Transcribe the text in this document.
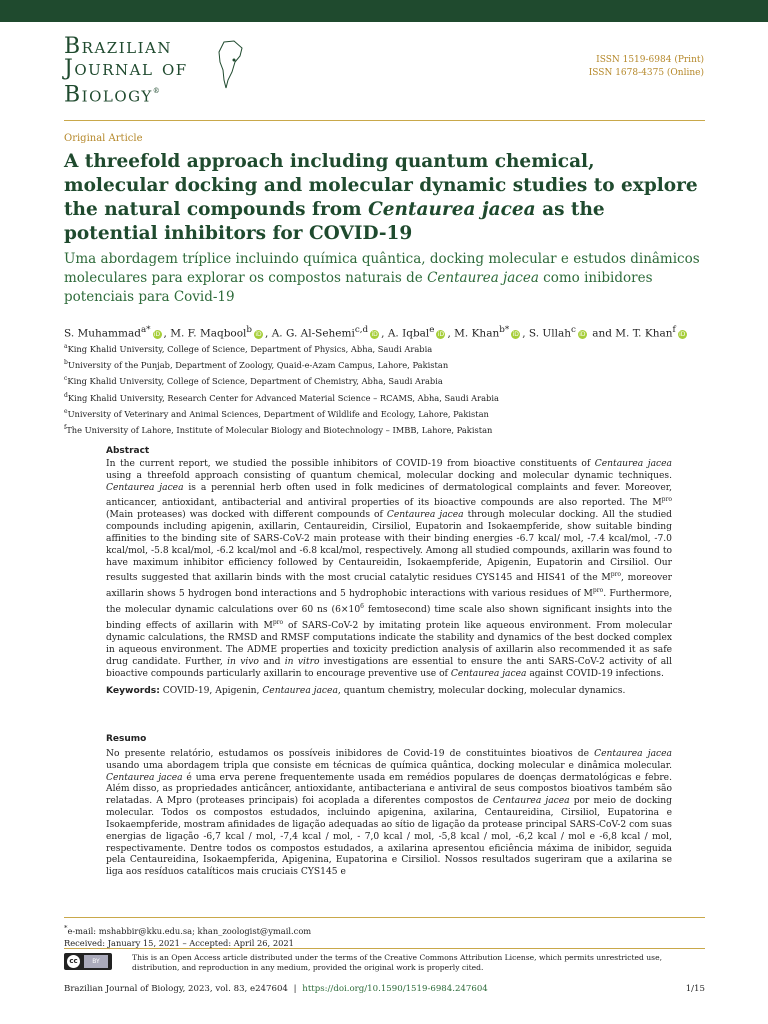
Brazilian
Journal of
Biology®
ISSN 1519-6984 (Print)
ISSN 1678-4375 (Online)
Original Article
A threefold approach including quantum chemical, molecular docking and molecular dynamic studies to explore the natural compounds from Centaurea jacea as the potential inhibitors for COVID-19
Uma abordagem tríplice incluindo química quântica, docking molecular e estudos dinâmicos moleculares para explorar os compostos naturais de Centaurea jacea como inibidores potenciais para Covid-19
S. Muhammad$^{a*}$ iD , M. F. Maqbool$^b$ iD , A. G. Al-Sehemi$^{c,d}$ iD , A. Iqbal$^e$ iD , M. Khan$^{b*}$ iD , S. Ullah$^c$ iD and M. T. Khan$^f$ iD
$^a$King Khalid University, College of Science, Department of Physics, Abha, Saudi Arabia
$^b$University of the Punjab, Department of Zoology, Quaid-e-Azam Campus, Lahore, Pakistan
$^c$King Khalid University, College of Science, Department of Chemistry, Abha, Saudi Arabia
$^d$King Khalid University, Research Center for Advanced Material Science – RCAMS, Abha, Saudi Arabia
$^e$University of Veterinary and Animal Sciences, Department of Wildlife and Ecology, Lahore, Pakistan
$^f$The University of Lahore, Institute of Molecular Biology and Biotechnology – IMBB, Lahore, Pakistan
Abstract
In the current report, we studied the possible inhibitors of COVID-19 from bioactive constituents of Centaurea jacea using a threefold approach consisting of quantum chemical, molecular docking and molecular dynamic techniques. Centaurea jacea is a perennial herb often used in folk medicines of dermatological complaints and fever. Moreover, anticancer, antioxidant, antibacterial and antiviral properties of its bioactive compounds are also reported. The $M^{pro}$ (Main proteases) was docked with different compounds of Centaurea jacea through molecular docking. All the studied compounds including apigenin, axillarin, Centaureidin, Cirsiliol, Eupatorin and Isokaempferide, show suitable binding affinities to the binding site of SARS-CoV-2 main protease with their binding energies -6.7 kcal/ mol, -7.4 kcal/mol, -7.0 kcal/mol, -5.8 kcal/mol, -6.2 kcal/mol and -6.8 kcal/mol, respectively. Among all studied compounds, axillarin was found to have maximum inhibitor efficiency followed by Centaureidin, Isokaempferide, Apigenin, Eupatorin and Cirsiliol. Our results suggested that axillarin binds with the most crucial catalytic residues CYS145 and HIS41 of the $M^{pro}$, moreover axillarin shows 5 hydrogen bond interactions and 5 hydrophobic interactions with various residues of $M^{pro}$. Furthermore, the molecular dynamic calculations over 60 ns ($6\times 10^6$ femtosecond) time scale also shown significant insights into the binding effects of axillarin with $M^{pro}$ of SARS-CoV-2 by imitating protein like aqueous environment. From molecular dynamic calculations, the RMSD and RMSF computations indicate the stability and dynamics of the best docked complex in aqueous environment. The ADME properties and toxicity prediction analysis of axillarin also recommended it as safe drug candidate. Further, in vivo and in vitro investigations are essential to ensure the anti SARS-CoV-2 activity of all bioactive compounds particularly axillarin to encourage preventive use of Centaurea jacea against COVID-19 infections.
Keywords: COVID-19, Apigenin, Centaurea jacea, quantum chemistry, molecular docking, molecular dynamics.
Resumo
No presente relatório, estudamos os possíveis inibidores de Covid-19 de constituintes bioativos de Centaurea jacea usando uma abordagem tripla que consiste em técnicas de química quântica, docking molecular e dinâmica molecular. Centaurea jacea é uma erva perene frequentemente usada em remédios populares de doenças dermatológicas e febre. Além disso, as propriedades anticâncer, antioxidante, antibacteriana e antiviral de seus compostos bioativos também são relatadas. A Mpro (proteases principais) foi acoplada a diferentes compostos de Centaurea jacea por meio de docking molecular. Todos os compostos estudados, incluindo apigenina, axilarina, Centaureidina, Cirsiliol, Eupatorina e Isokaempferide, mostram afinidades de ligação adequadas ao sítio de ligação da protease principal SARS-CoV-2 com suas energias de ligação -6,7 kcal / mol, -7,4 kcal / mol, - 7,0 kcal / mol, -5,8 kcal / mol, -6,2 kcal / mol e -6,8 kcal / mol, respectivamente. Dentre todos os compostos estudados, a axilarina apresentou eficiência máxima de inibidor, seguida pela Centaureidina, Isokaempferida, Apigenina, Eupatorina e Cirsiliol. Nossos resultados sugeriram que a axilarina se liga aos resíduos catalíticos mais cruciais CYS145 e
*e-mail: mshabbir@kku.edu.sa; khan_zoologist@ymail.com
Received: January 15, 2021 – Accepted: April 26, 2021
cc	BY	This is an Open Access article distributed under the terms of the Creative Commons Attribution License, which permits unrestricted use, distribution, and reproduction in any medium, provided the original work is properly cited.
Brazilian Journal of Biology, 2023, vol. 83, e247604 | https://doi.org/10.1590/1519-6984.247604	1/15
